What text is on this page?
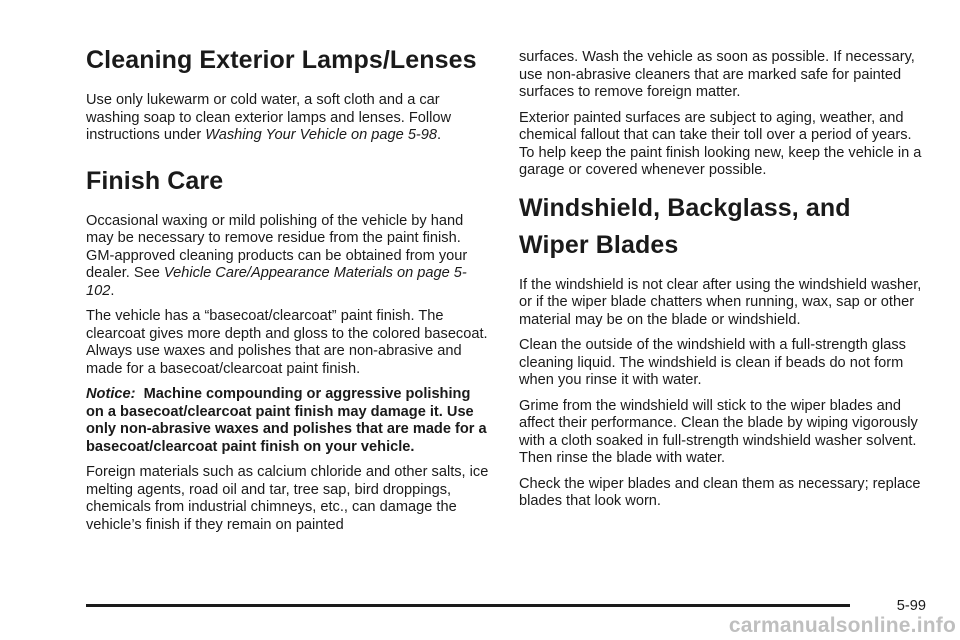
Cleaning Exterior Lamps/Lenses

Use only lukewarm or cold water, a soft cloth and a car washing soap to clean exterior lamps and lenses. Follow instructions under Washing Your Vehicle on page 5-98.

Finish Care

Occasional waxing or mild polishing of the vehicle by hand may be necessary to remove residue from the paint finish. GM-approved cleaning products can be obtained from your dealer. See Vehicle Care/Appearance Materials on page 5-102.

The vehicle has a “basecoat/clearcoat” paint finish. The clearcoat gives more depth and gloss to the colored basecoat. Always use waxes and polishes that are non-abrasive and made for a basecoat/clearcoat paint finish.

Notice: Machine compounding or aggressive polishing on a basecoat/clearcoat paint finish may damage it. Use only non-abrasive waxes and polishes that are made for a basecoat/clearcoat paint finish on your vehicle.

Foreign materials such as calcium chloride and other salts, ice melting agents, road oil and tar, tree sap, bird droppings, chemicals from industrial chimneys, etc., can damage the vehicle’s finish if they remain on painted

surfaces. Wash the vehicle as soon as possible. If necessary, use non-abrasive cleaners that are marked safe for painted surfaces to remove foreign matter.

Exterior painted surfaces are subject to aging, weather, and chemical fallout that can take their toll over a period of years. To help keep the paint finish looking new, keep the vehicle in a garage or covered whenever possible.

Windshield, Backglass, and Wiper Blades

If the windshield is not clear after using the windshield washer, or if the wiper blade chatters when running, wax, sap or other material may be on the blade or windshield.

Clean the outside of the windshield with a full-strength glass cleaning liquid. The windshield is clean if beads do not form when you rinse it with water.

Grime from the windshield will stick to the wiper blades and affect their performance. Clean the blade by wiping vigorously with a cloth soaked in full-strength windshield washer solvent. Then rinse the blade with water.

Check the wiper blades and clean them as necessary; replace blades that look worn.

5-99
carmanualsonline.info
